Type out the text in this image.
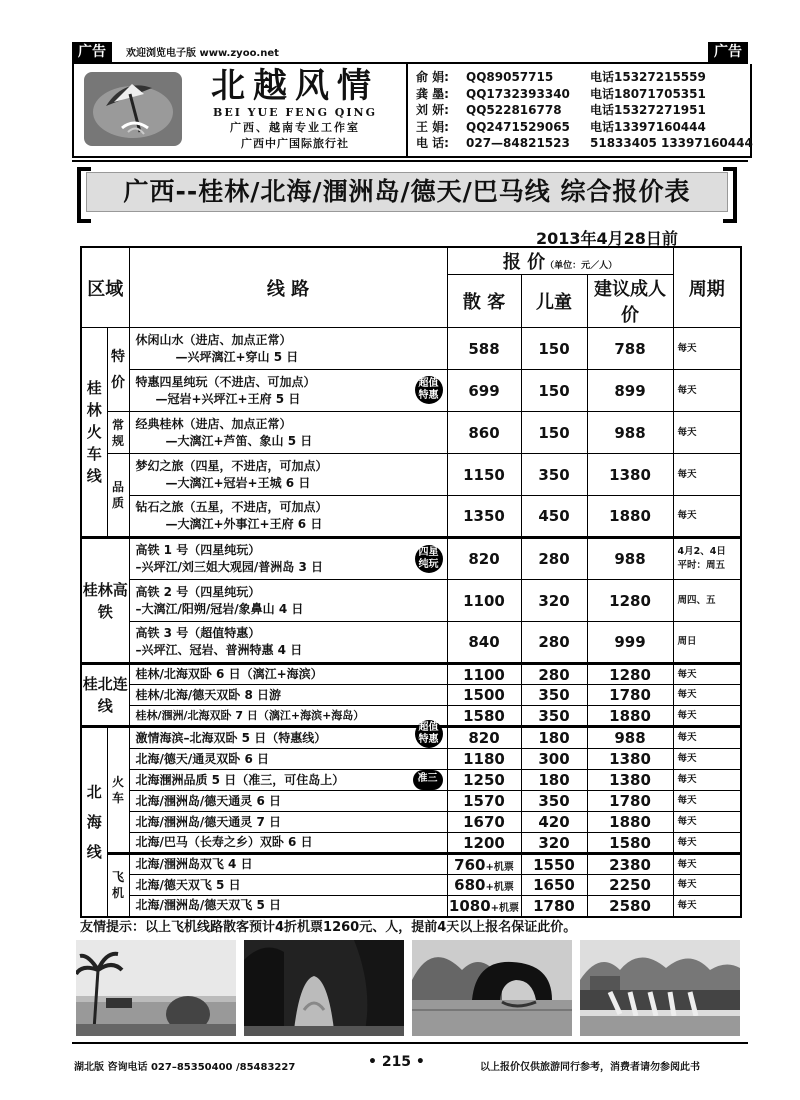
广告	欢迎浏览电子版 www.zyoo.net	广告
北越风情
BEI YUE FENG QING
广西、越南专业工作室
广西中广国际旅行社
俞 娟: QQ89057715	电话15327215559
龚 墨: QQ1732393340 电话18071705351
刘 妍: QQ522816778 电话15327271951
王 娟: QQ2471529065 电话13397160444
电 话: 027—84821523 51833405 13397160444
广西--桂林/北海/涠洲岛/德天/巴马线 综合报价表
2013年4月28日前
区域		线 路	报 价（单位：元／人）			周期
			散 客	儿童	建议成人价	
桂林火车线	特价	休闲山水（进店、加点正常）
—兴坪漓江+穿山 5 日	588	150	788	每天
		特惠四星纯玩（不进店、可加点）
—冠岩+兴坪江+王府 5 日
超值特惠	699	150	899	每天
	常规	经典桂林（进店、加点正常）
—大漓江+芦笛、象山 5 日	860	150	988	每天
	品质	梦幻之旅（四星，不进店，可加点）
—大漓江+冠岩+王城 6 日	1150	350	1380	每天
		钻石之旅（五星，不进店，可加点）
—大漓江+外事江+王府 6 日	1350	450	1880	每天
桂林高铁		高铁 1 号（四星纯玩）
–兴坪江/刘三姐大观园/普洲岛 3 日
四星纯玩	820	280	988	4月2、4日
平时：周五
		高铁 2 号（四星纯玩）
–大漓江/阳朔/冠岩/象鼻山 4 日	1100	320	1280	周四、五
		高铁 3 号（超值特惠）
–兴坪江、冠岩、普洲特惠 4 日	840	280	999	周日
桂北连线		桂林/北海双卧 6 日（漓江+海滨）	1100	280	1280	每天
		桂林/北海/德天双卧 8 日游	1500	350	1780	每天
		桂林/涠洲/北海双卧 7 日（漓江+海滨+海岛）	1580	350	1880	每天
北海线	火车	激情海滨–北海双卧 5 日（特惠线）
超值特惠	820	180	988	每天
		北海/德天/通灵双卧 6 日	1180	300	1380	每天
		北海涠洲品质 5 日（准三，可住岛上） 准三	1250	180	1380	每天
		北海/涠洲岛/德天通灵 6 日	1570	350	1780	每天
		北海/涠洲岛/德天通灵 7 日	1670	420	1880	每天
		北海/巴马（长寿之乡）双卧 6 日	1200	320	1580	每天
	飞机	北海/涠洲岛双飞 4 日	760+机票	1550	2380	每天
		北海/德天双飞 5 日	680+机票	1650	2250	每天
		北海/涠洲岛/德天双飞 5 日	1080+机票	1780	2580	每天
友情提示：以上飞机线路散客预计4折机票1260元、人，提前4天以上报名保证此价。
湖北版 咨询电话 027–85350400 /85483227	• 215 •	以上报价仅供旅游同行参考，消费者请勿参阅此书
